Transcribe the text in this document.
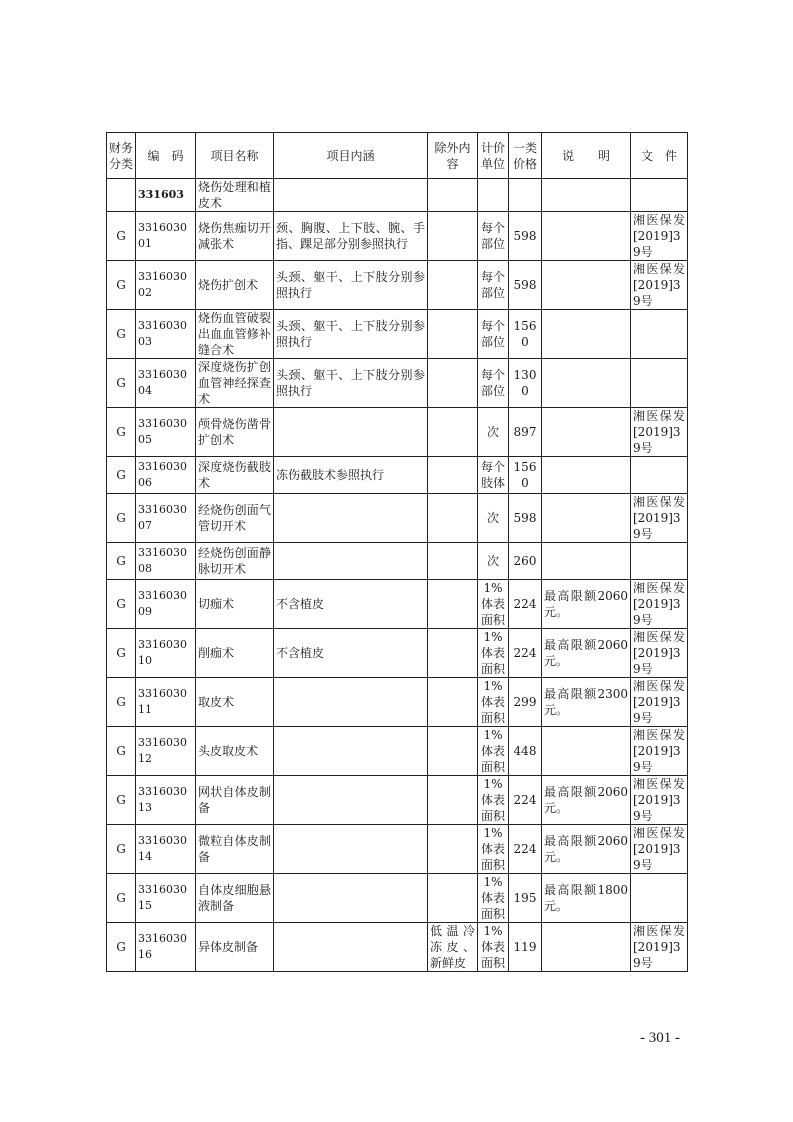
财务分类	编　码	项目名称	项目内涵	除外内容	计价单位	一类价格	说　　明	文　件
	331603	烧伤处理和植皮术						
G	331603001	烧伤焦痂切开减张术	颈、胸腹、上下肢、腕、手指、踝足部分别参照执行		每个部位	598		湘医保发[2019]39号
G	331603002	烧伤扩创术	头颈、躯干、上下肢分别参照执行		每个部位	598		湘医保发[2019]39号
G	331603003	烧伤血管破裂出血血管修补缝合术	头颈、躯干、上下肢分别参照执行		每个部位	1560		
G	331603004	深度烧伤扩创血管神经探查术	头颈、躯干、上下肢分别参照执行		每个部位	1300		
G	331603005	颅骨烧伤凿骨扩创术			次	897		湘医保发[2019]39号
G	331603006	深度烧伤截肢术	冻伤截肢术参照执行		每个肢体	1560		
G	331603007	经烧伤创面气管切开术			次	598		湘医保发[2019]39号
G	331603008	经烧伤创面静脉切开术			次	260		
G	331603009	切痂术	不含植皮		1%体表面积	224	最高限额2060元。	湘医保发[2019]39号
G	331603010	削痂术	不含植皮		1%体表面积	224	最高限额2060元。	湘医保发[2019]39号
G	331603011	取皮术			1%体表面积	299	最高限额2300元。	湘医保发[2019]39号
G	331603012	头皮取皮术			1%体表面积	448		湘医保发[2019]39号
G	331603013	网状自体皮制备			1%体表面积	224	最高限额2060元。	湘医保发[2019]39号
G	331603014	微粒自体皮制备			1%体表面积	224	最高限额2060元。	湘医保发[2019]39号
G	331603015	自体皮细胞悬液制备			1%体表面积	195	最高限额1800元。	
G	331603016	异体皮制备		低温冷冻皮、新鲜皮	1%体表面积	119		湘医保发[2019]39号
- 301 -
